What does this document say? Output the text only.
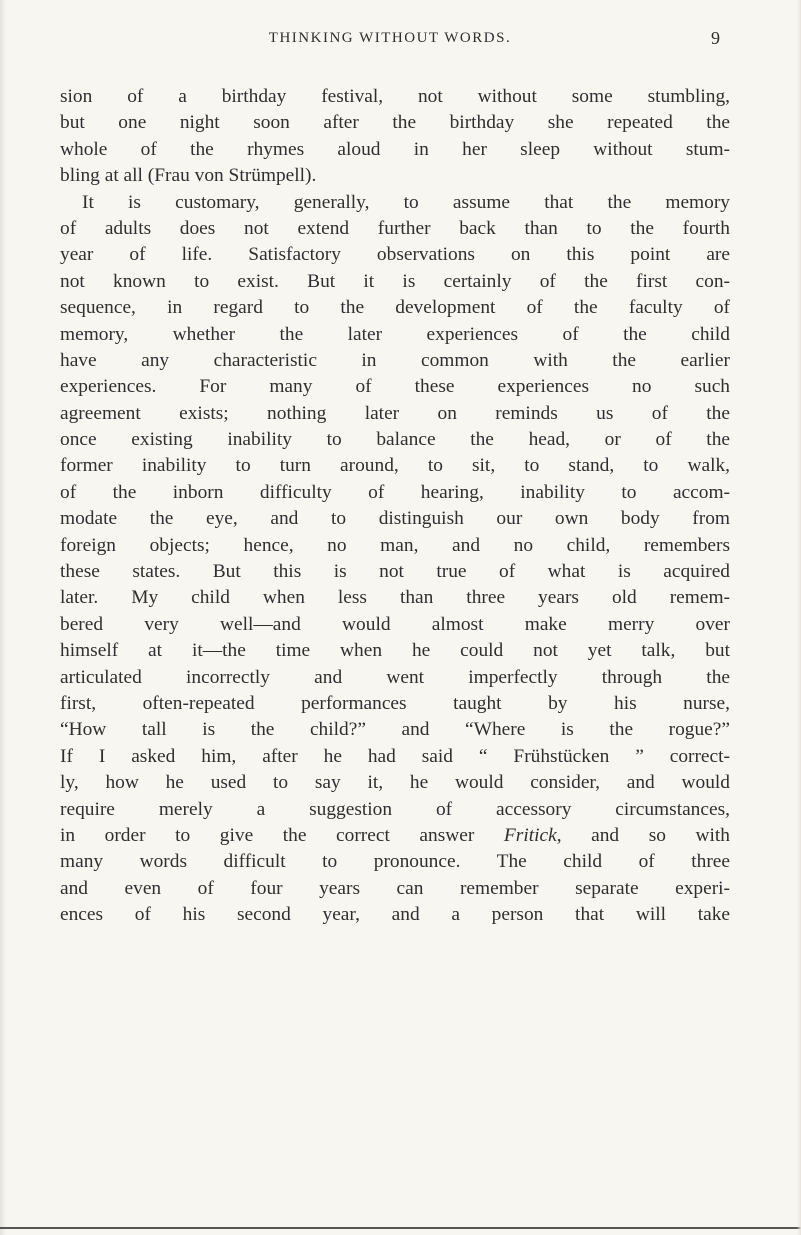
THINKING WITHOUT WORDS.	9
sion of a birthday festival, not without some stumbling,
but one night soon after the birthday she repeated the
whole of the rhymes aloud in her sleep without stum-
bling at all (Frau von Strümpell).
It is customary, generally, to assume that the memory
of adults does not extend further back than to the fourth
year of life. Satisfactory observations on this point are
not known to exist. But it is certainly of the first con-
sequence, in regard to the development of the faculty of
memory, whether the later experiences of the child
have any characteristic in common with the earlier
experiences. For many of these experiences no such
agreement exists; nothing later on reminds us of the
once existing inability to balance the head, or of the
former inability to turn around, to sit, to stand, to walk,
of the inborn difficulty of hearing, inability to accom-
modate the eye, and to distinguish our own body from
foreign objects; hence, no man, and no child, remembers
these states. But this is not true of what is acquired
later. My child when less than three years old remem-
bered very well—and would almost make merry over
himself at it—the time when he could not yet talk, but
articulated incorrectly and went imperfectly through the
first, often-repeated performances taught by his nurse,
“How tall is the child?” and “Where is the rogue?”
If I asked him, after he had said “ Frühstücken ” correct-
ly, how he used to say it, he would consider, and would
require merely a suggestion of accessory circumstances,
in order to give the correct answer Fritick, and so with
many words difficult to pronounce. The child of three
and even of four years can remember separate experi-
ences of his second year, and a person that will take
